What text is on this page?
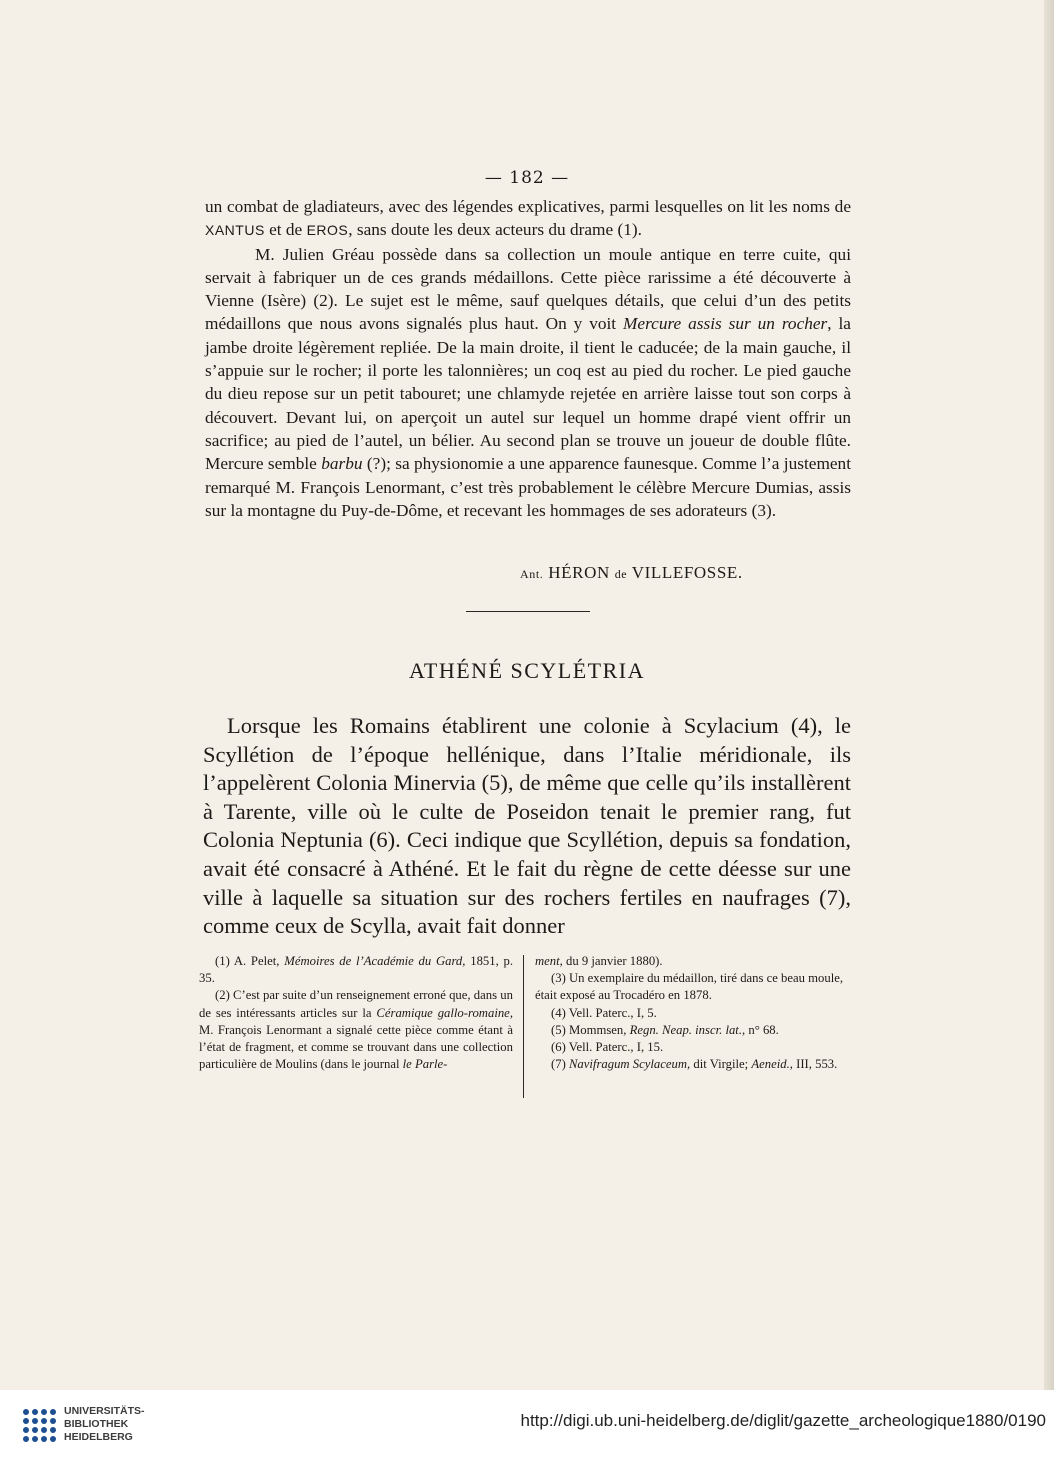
— 182 —

un combat de gladiateurs, avec des légendes explicatives, parmi lesquelles on lit les noms de XANTUS et de EROS, sans doute les deux acteurs du drame (1).

M. Julien Gréau possède dans sa collection un moule antique en terre cuite, qui servait à fabriquer un de ces grands médaillons. Cette pièce rarissime a été découverte à Vienne (Isère) (2). Le sujet est le même, sauf quelques détails, que celui d’un des petits médaillons que nous avons signalés plus haut. On y voit Mercure assis sur un rocher, la jambe droite légèrement repliée. De la main droite, il tient le caducée; de la main gauche, il s’appuie sur le rocher; il porte les talonnières; un coq est au pied du rocher. Le pied gauche du dieu repose sur un petit tabouret; une chlamyde rejetée en arrière laisse tout son corps à découvert. Devant lui, on aperçoit un autel sur lequel un homme drapé vient offrir un sacrifice; au pied de l’autel, un bélier. Au second plan se trouve un joueur de double flûte. Mercure semble barbu (?); sa physionomie a une apparence faunesque. Comme l’a justement remarqué M. François Lenormant, c’est très probablement le célèbre Mercure Dumias, assis sur la montagne du Puy-de-Dôme, et recevant les hommages de ses adorateurs (3).

Ant. HÉRON de VILLEFOSSE.
ATHÉNÉ SCYLÉTRIA

Lorsque les Romains établirent une colonie à Scylacium (4), le Scyllétion de l’époque hellénique, dans l’Italie méridionale, ils l’appelèrent Colonia Minervia (5), de même que celle qu’ils installèrent à Tarente, ville où le culte de Poseidon tenait le premier rang, fut Colonia Neptunia (6). Ceci indique que Scyllétion, depuis sa fondation, avait été consacré à Athéné. Et le fait du règne de cette déesse sur une ville à laquelle sa situation sur des rochers fertiles en naufrages (7), comme ceux de Scylla, avait fait donner

(1) A. Pelet, Mémoires de l’Académie du Gard, 1851, p. 35.

(2) C’est par suite d’un renseignement erroné que, dans un de ses intéressants articles sur la Céramique gallo-romaine, M. François Lenormant a signalé cette pièce comme étant à l’état de fragment, et comme se trouvant dans une collection particulière de Moulins (dans le journal le Parle-

ment, du 9 janvier 1880).

(3) Un exemplaire du médaillon, tiré dans ce beau moule, était exposé au Trocadéro en 1878.

(4) Vell. Paterc., I, 5.

(5) Mommsen, Regn. Neap. inscr. lat., n° 68.

(6) Vell. Paterc., I, 15.

(7) Navifragum Scylaceum, dit Virgile; Aeneid., III, 553.

UNIVERSITÄTS-
BIBLIOTHEK
HEIDELBERG
http://digi.ub.uni-heidelberg.de/diglit/gazette_archeologique1880/0190
